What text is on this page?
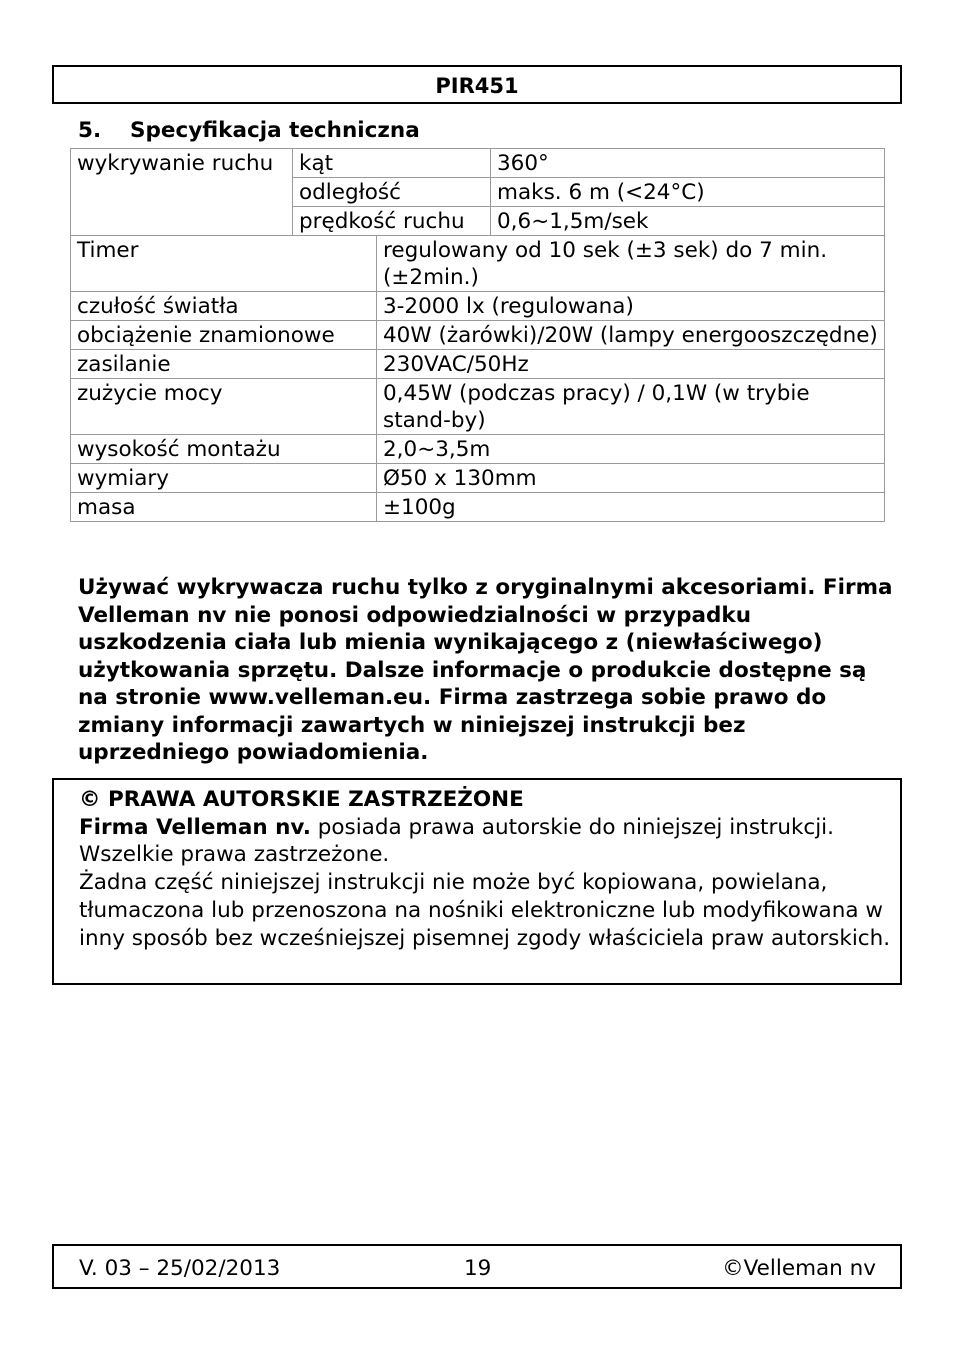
PIR451
5. Specyfikacja techniczna
wykrywanie ruchu	kąt		360°
	odległość		maks. 6 m (<24°C)
	prędkość ruchu		0,6~1,5m/sek
Timer		regulowany od 10 sek (±3 sek) do 7 min. (±2min.)	
czułość światła		3-2000 lx (regulowana)	
obciążenie znamionowe		40W (żarówki)/20W (lampy energooszczędne)	
zasilanie		230VAC/50Hz	
zużycie mocy		0,45W (podczas pracy) / 0,1W (w trybie stand-by)	
wysokość montażu		2,0~3,5m	
wymiary		Ø50 x 130mm	
masa		±100g	

Używać wykrywacza ruchu tylko z oryginalnymi akcesoriami. Firma Velleman nv nie ponosi odpowiedzialności w przypadku uszkodzenia ciała lub mienia wynikającego z (niewłaściwego) użytkowania sprzętu. Dalsze informacje o produkcie dostępne są na stronie www.velleman.eu. Firma zastrzega sobie prawo do zmiany informacji zawartych w niniejszej instrukcji bez uprzedniego powiadomienia.

© PRAWA AUTORSKIE ZASTRZEŻONE

Firma Velleman nv. posiada prawa autorskie do niniejszej instrukcji. Wszelkie prawa zastrzeżone.

Żadna część niniejszej instrukcji nie może być kopiowana, powielana, tłumaczona lub przenoszona na nośniki elektroniczne lub modyfikowana w inny sposób bez wcześniejszej pisemnej zgody właściciela praw autorskich.

V. 03 – 25/02/2013	19	©Velleman nv
